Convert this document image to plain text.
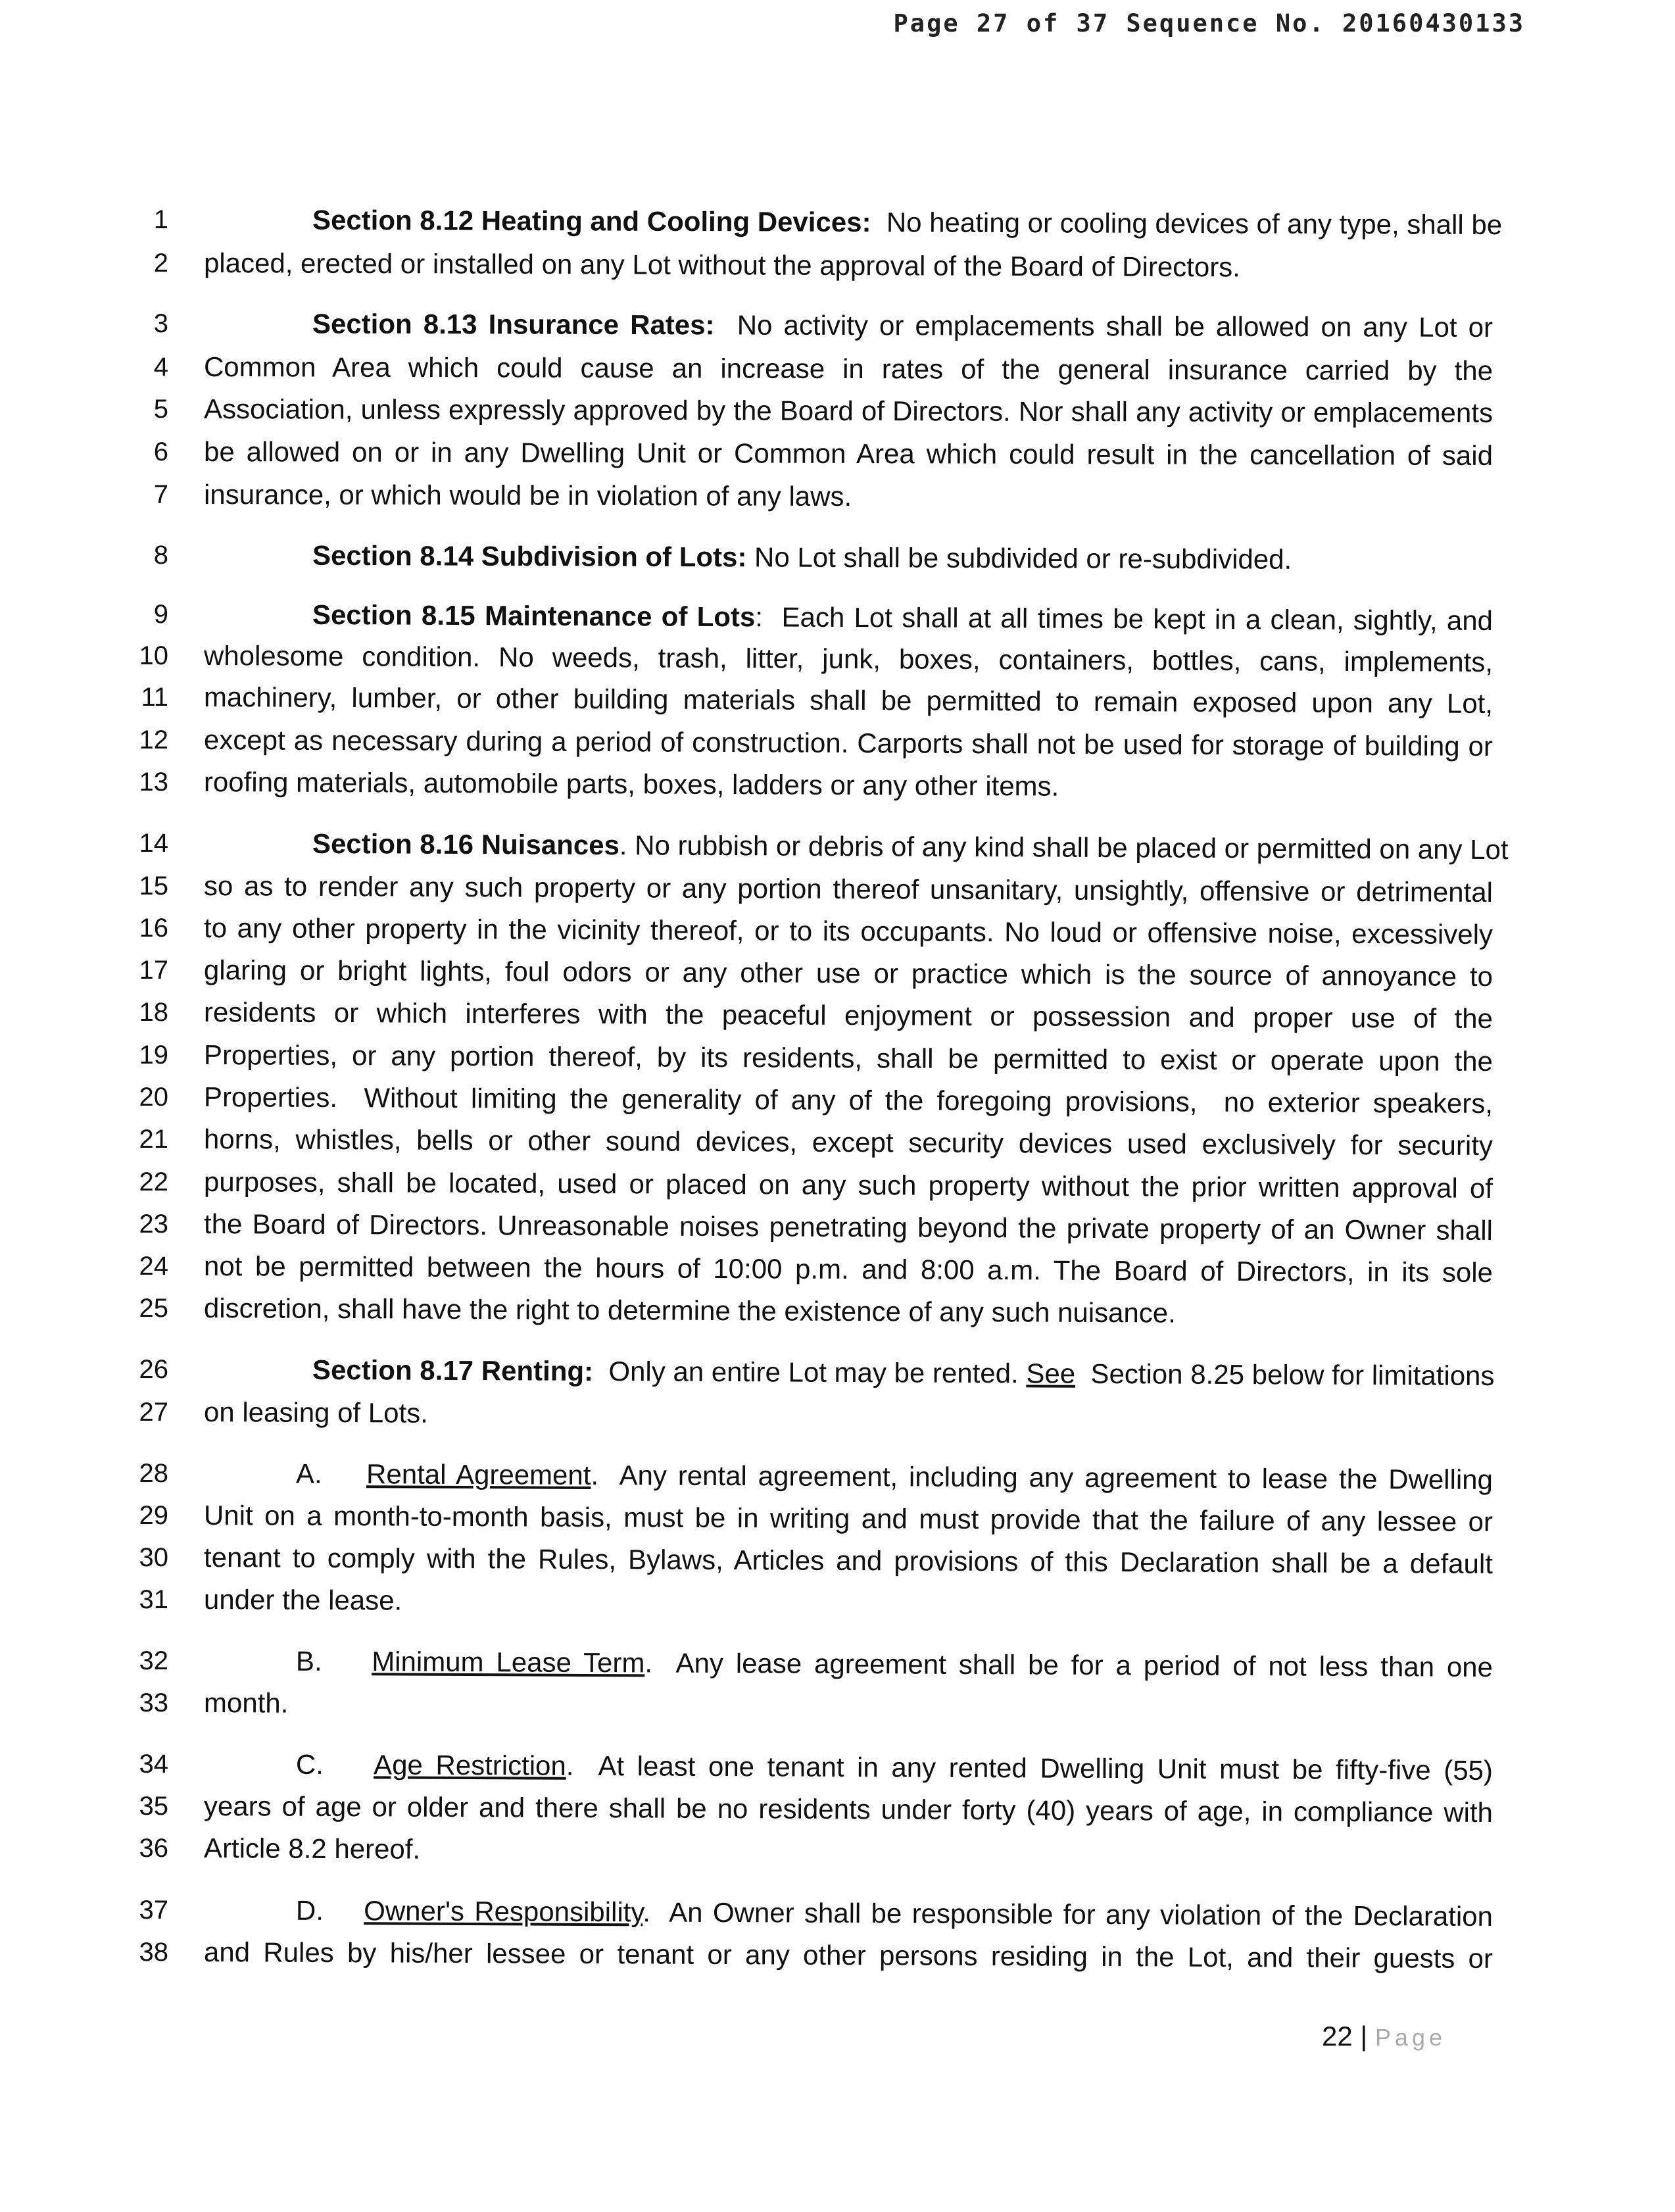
Page 27 of 37 Sequence No. 20160430133
1	Section 8.12 Heating and Cooling Devices:  No heating or cooling devices of any type, shall be
2 placed, erected or installed on any Lot without the approval of the Board of Directors.
3	Section 8.13 Insurance Rates:  No activity or emplacements shall be allowed on any Lot or
4 Common Area which could cause an increase in rates of the general insurance carried by the
5 Association, unless expressly approved by the Board of Directors. Nor shall any activity or emplacements
6 be allowed on or in any Dwelling Unit or Common Area which could result in the cancellation of said
7 insurance, or which would be in violation of any laws.
8	Section 8.14 Subdivision of Lots: No Lot shall be subdivided or re-subdivided.
9	Section 8.15 Maintenance of Lots:  Each Lot shall at all times be kept in a clean, sightly, and
10 wholesome condition. No weeds, trash, litter, junk, boxes, containers, bottles, cans, implements,
11 machinery, lumber, or other building materials shall be permitted to remain exposed upon any Lot,
12 except as necessary during a period of construction. Carports shall not be used for storage of building or
13 roofing materials, automobile parts, boxes, ladders or any other items.
14	Section 8.16 Nuisances. No rubbish or debris of any kind shall be placed or permitted on any Lot
15 so as to render any such property or any portion thereof unsanitary, unsightly, offensive or detrimental
16 to any other property in the vicinity thereof, or to its occupants. No loud or offensive noise, excessively
17 glaring or bright lights, foul odors or any other use or practice which is the source of annoyance to
18 residents or which interferes with the peaceful enjoyment or possession and proper use of the
19 Properties, or any portion thereof, by its residents, shall be permitted to exist or operate upon the
20 Properties.  Without limiting the generality of any of the foregoing provisions,  no exterior speakers,
21 horns, whistles, bells or other sound devices, except security devices used exclusively for security
22 purposes, shall be located, used or placed on any such property without the prior written approval of
23 the Board of Directors. Unreasonable noises penetrating beyond the private property of an Owner shall
24 not be permitted between the hours of 10:00 p.m. and 8:00 a.m. The Board of Directors, in its sole
25 discretion, shall have the right to determine the existence of any such nuisance.
26	Section 8.17 Renting:  Only an entire Lot may be rented. See  Section 8.25 below for limitations
27 on leasing of Lots.
28	A.    Rental Agreement.  Any rental agreement, including any agreement to lease the Dwelling
29 Unit on a month-to-month basis, must be in writing and must provide that the failure of any lessee or
30 tenant to comply with the Rules, Bylaws, Articles and provisions of this Declaration shall be a default
31 under the lease.
32	B.    Minimum Lease Term.  Any lease agreement shall be for a period of not less than one
33 month.
34	C.    Age Restriction.  At least one tenant in any rented Dwelling Unit must be fifty-five (55)
35 years of age or older and there shall be no residents under forty (40) years of age, in compliance with
36 Article 8.2 hereof.
37	D.    Owner's Responsibility.  An Owner shall be responsible for any violation of the Declaration
38 and Rules by his/her lessee or tenant or any other persons residing in the Lot, and their guests or
22 | Page
